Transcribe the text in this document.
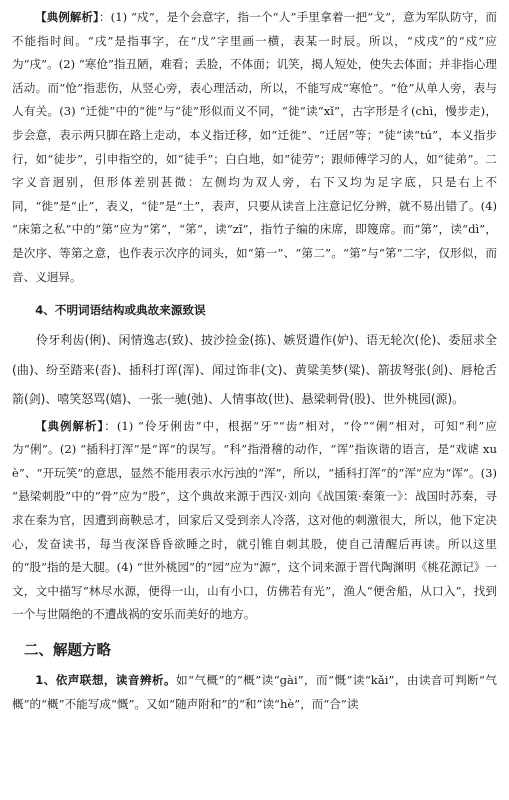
【典例解析】：(1) “戍”，是个会意字，指一个“人”手里拿着一把“戈”，意为军队防守，而不能指时间。“戌”是指事字，在“戊”字里画一横，表某一时辰。所以，“戍戌”的“戍”应为“戌”。(2) “寒伧”指丑陋，难看；丢脸，不体面；讥笑，揭人短处，使失去体面；并非指心理活动。而“怆”指悲伤，从竖心旁，表心理活动，所以，不能写成“寒怆”。“伧”从单人旁，表与人有关。(3) “迁徙”中的“徙”与“徒”形似而义不同，“徙”读“xǐ”，古字形是彳(chì，慢步走)，步会意，表示两只脚在路上走动，本义指迁移，如“迁徙”、“迁居”等；“徒”读“tú”，本义指步行，如“徒步”，引申指空的，如“徒手”；白白地，如“徒劳”；跟师傅学习的人，如“徒弟”。二字义音迥别，但形体差别甚微：左侧均为双人旁，右下又均为足字底，只是右上不同，“徙”是“止”，表义，“徒”是“土”，表声，只要从读音上注意记忆分辨，就不易出错了。(4) “床第之私”中的“第”应为“笫”，“笫”，读“zǐ”，指竹子编的床席，即篾席。而“第”，读“dì”，是次序、等第之意，也作表示次序的词头，如“第一”、“第二”。“第”与“笫”二字，仅形似，而音、义迥异。

4、不明词语结构或典故来源致误

伶牙利齿(俐)、闲情逸志(致)、披沙捡金(拣)、嫉贤遣作(妒)、语无轮次(伦)、委屈求全(曲)、纷至踏来(沓)、插科打诨(浑)、闻过饰非(文)、黄粱美梦(粱)、箭拔弩张(剑)、唇枪舌箭(剑)、嘻笑怒骂(嬉)、一张一驰(弛)、人情事故(世)、悬梁刺骨(股)、世外桃园(源)。

【典例解析】：(1) “伶牙俐齿”中，根据“牙”“齿”相对，“伶”“俐”相对，可知“利”应为“俐”。(2) “插科打浑”是“诨”的误写。“科”指滑稽的动作，“诨”指诙谐的语言，是“戏谑 xuè”、“开玩笑”的意思，显然不能用表示水污浊的“浑”，所以，“插科打浑”的“浑”应为“诨”。(3) “悬梁刺股”中的“骨”应为“股”，这个典故来源于西汉·刘向《战国策·秦策一》：战国时苏秦，寻求在秦为官，因遭到商鞅忌才，回家后又受到亲人冷落，这对他的刺激很大，所以，他下定决心，发奋读书，每当夜深昏昏欲睡之时，就引锥自刺其股，使自己清醒后再读。所以这里的“股”指的是大腿。(4) “世外桃园”的“园”应为“源”，这个词来源于晋代陶渊明《桃花源记》一文，文中描写“林尽水源，便得一山，山有小口，仿佛若有光”，渔人“便舍船，从口入”，找到一个与世隔绝的不遭战祸的安乐而美好的地方。

二、解题方略

1、依声联想，读音辨析。如“气概”的“概”读“gài”，而“慨”读“kǎi”，由读音可判断“气概”的“概”不能写成“慨”。又如“随声附和”的“和”读“hè”，而“合”读
